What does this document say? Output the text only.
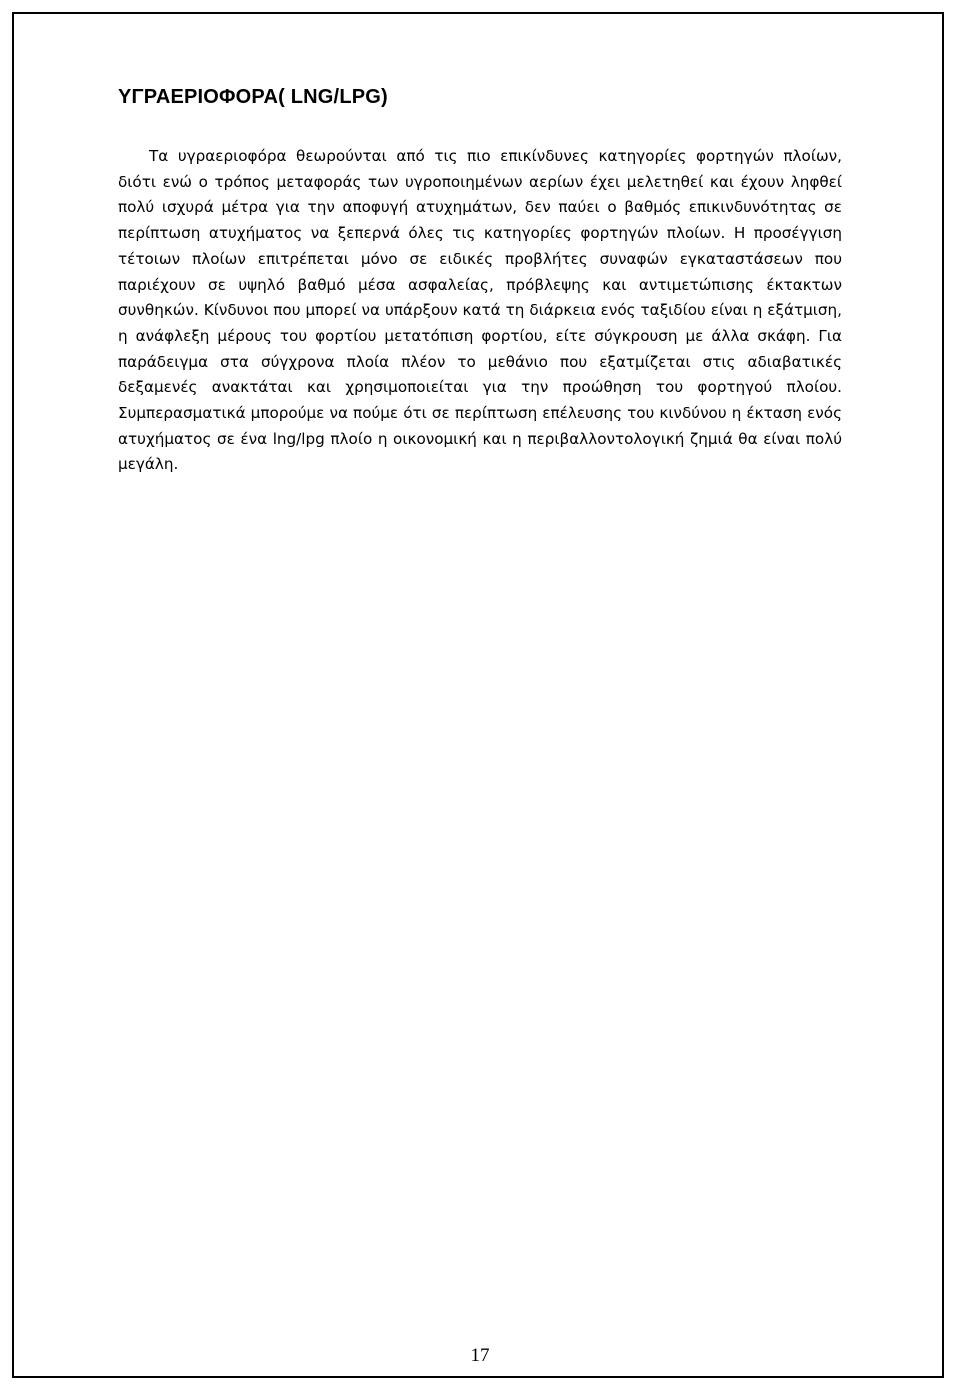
ΥΓΡΑΕΡΙΟΦΟΡΑ( LNG/LPG)

Τα υγραεριοφόρα θεωρούνται από τις πιο επικίνδυνες κατηγορίες φορτηγών πλοίων, διότι ενώ ο τρόπος μεταφοράς των υγροποιημένων αερίων έχει μελετηθεί και έχουν ληφθεί πολύ ισχυρά μέτρα για την αποφυγή ατυχημάτων, δεν παύει ο βαθμός επικινδυνότητας σε περίπτωση ατυχήματος να ξεπερνά όλες τις κατηγορίες φορτηγών πλοίων. Η προσέγγιση τέτοιων πλοίων επιτρέπεται μόνο σε ειδικές προβλήτες συναφών εγκαταστάσεων που παριέχουν σε υψηλό βαθμό μέσα ασφαλείας, πρόβλεψης και αντιμετώπισης έκτακτων συνθηκών. Κίνδυνοι που μπορεί να υπάρξουν κατά τη διάρκεια ενός ταξιδίου είναι η εξάτμιση, η ανάφλεξη μέρους του φορτίου μετατόπιση φορτίου, είτε σύγκρουση με άλλα σκάφη. Για παράδειγμα στα σύγχρονα πλοία πλέον το μεθάνιο που εξατμίζεται στις αδιαβατικές δεξαμενές ανακτάται και χρησιμοποιείται για την προώθηση του φορτηγού πλοίου. Συμπερασματικά μπορούμε να πούμε ότι σε περίπτωση επέλευσης του κινδύνου η έκταση ενός ατυχήματος σε ένα lng/lpg πλοίο η οικονομική και η περιβαλλοντολογική ζημιά θα είναι πολύ μεγάλη.

17
